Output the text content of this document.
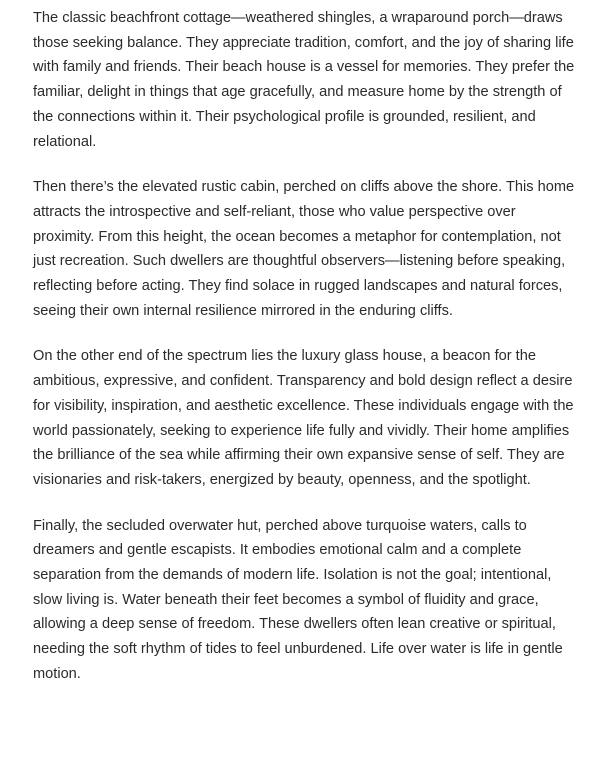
The classic beachfront cottage—weathered shingles, a wraparound porch—draws those seeking balance. They appreciate tradition, comfort, and the joy of sharing life with family and friends. Their beach house is a vessel for memories. They prefer the familiar, delight in things that age gracefully, and measure home by the strength of the connections within it. Their psychological profile is grounded, resilient, and relational.

Then there’s the elevated rustic cabin, perched on cliffs above the shore. This home attracts the introspective and self-reliant, those who value perspective over proximity. From this height, the ocean becomes a metaphor for contemplation, not just recreation. Such dwellers are thoughtful observers—listening before speaking, reflecting before acting. They find solace in rugged landscapes and natural forces, seeing their own internal resilience mirrored in the enduring cliffs.

On the other end of the spectrum lies the luxury glass house, a beacon for the ambitious, expressive, and confident. Transparency and bold design reflect a desire for visibility, inspiration, and aesthetic excellence. These individuals engage with the world passionately, seeking to experience life fully and vividly. Their home amplifies the brilliance of the sea while affirming their own expansive sense of self. They are visionaries and risk-takers, energized by beauty, openness, and the spotlight.

Finally, the secluded overwater hut, perched above turquoise waters, calls to dreamers and gentle escapists. It embodies emotional calm and a complete separation from the demands of modern life. Isolation is not the goal; intentional, slow living is. Water beneath their feet becomes a symbol of fluidity and grace, allowing a deep sense of freedom. These dwellers often lean creative or spiritual, needing the soft rhythm of tides to feel unburdened. Life over water is life in gentle motion.
